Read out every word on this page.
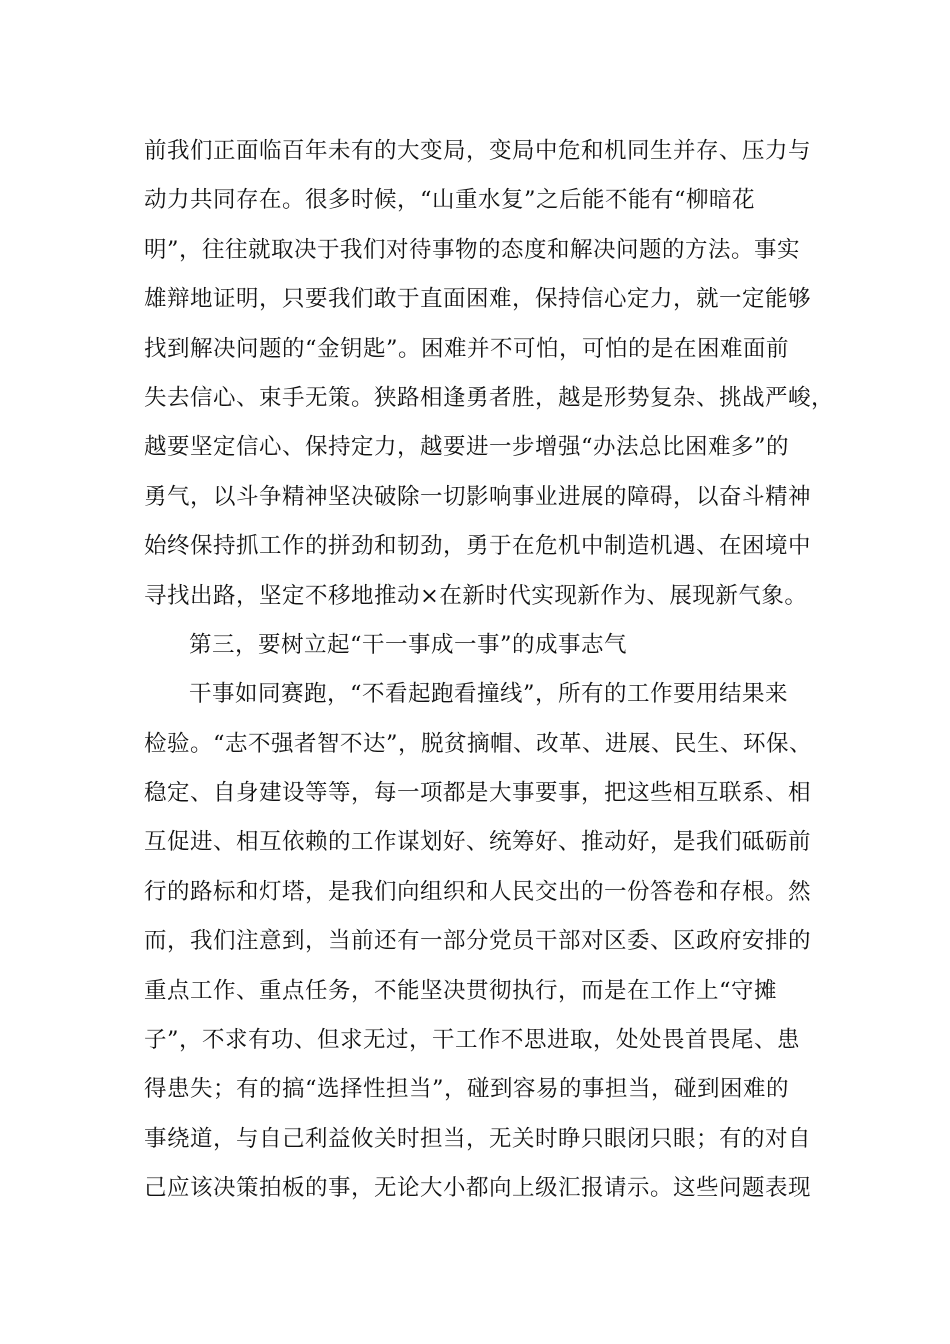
前我们正面临百年未有的大变局，变局中危和机同生并存、压力与
动力共同存在。很多时候，“山重水复”之后能不能有“柳暗花
明”，往往就取决于我们对待事物的态度和解决问题的方法。事实
雄辩地证明，只要我们敢于直面困难，保持信心定力，就一定能够
找到解决问题的“金钥匙”。困难并不可怕，可怕的是在困难面前
失去信心、束手无策。狭路相逢勇者胜，越是形势复杂、挑战严峻，
越要坚定信心、保持定力，越要进一步增强“办法总比困难多”的
勇气，以斗争精神坚决破除一切影响事业进展的障碍，以奋斗精神
始终保持抓工作的拼劲和韧劲，勇于在危机中制造机遇、在困境中
寻找出路，坚定不移地推动×在新时代实现新作为、展现新气象。
第三，要树立起“干一事成一事”的成事志气
干事如同赛跑，“不看起跑看撞线”，所有的工作要用结果来
检验。“志不强者智不达”，脱贫摘帽、改革、进展、民生、环保、
稳定、自身建设等等，每一项都是大事要事，把这些相互联系、相
互促进、相互依赖的工作谋划好、统筹好、推动好，是我们砥砺前
行的路标和灯塔，是我们向组织和人民交出的一份答卷和存根。然
而，我们注意到，当前还有一部分党员干部对区委、区政府安排的
重点工作、重点任务，不能坚决贯彻执行，而是在工作上“守摊
子”，不求有功、但求无过，干工作不思进取，处处畏首畏尾、患
得患失；有的搞“选择性担当”，碰到容易的事担当，碰到困难的
事绕道，与自己利益攸关时担当，无关时睁只眼闭只眼；有的对自
己应该决策拍板的事，无论大小都向上级汇报请示。这些问题表现
